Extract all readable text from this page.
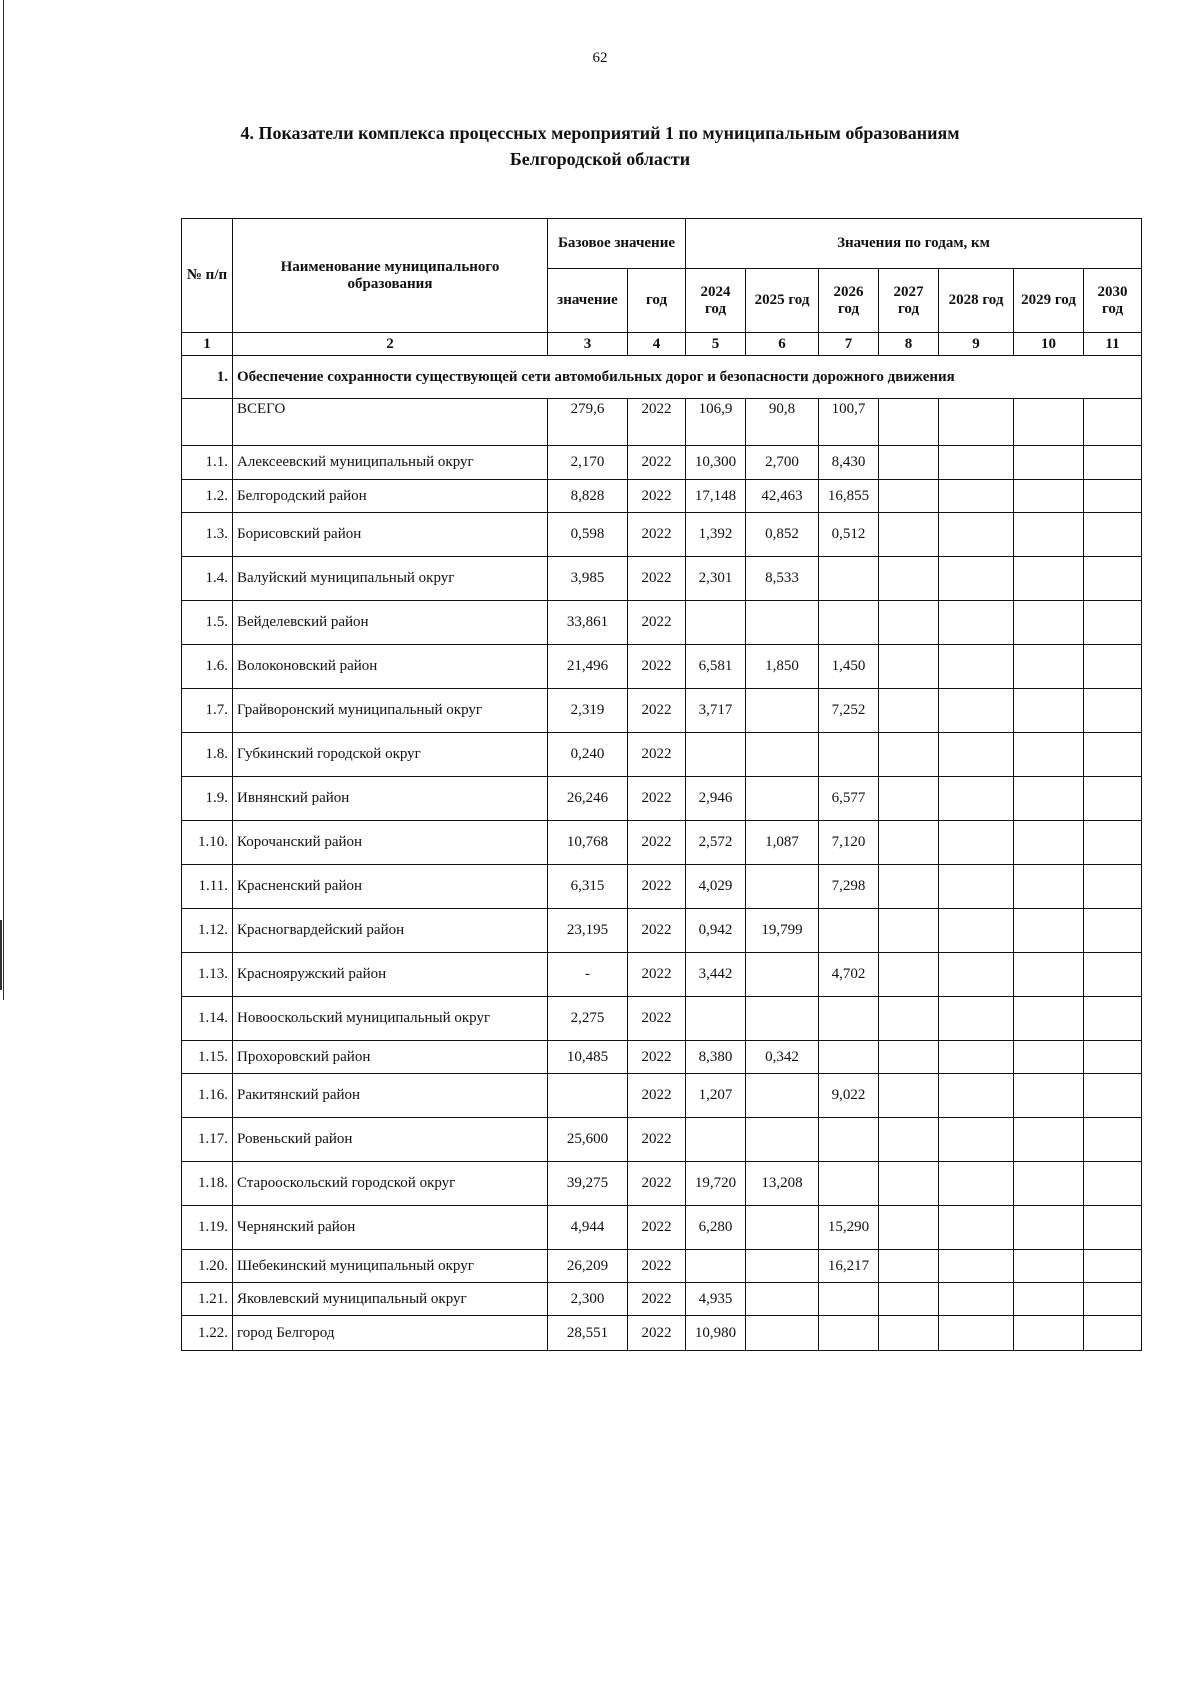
62
4. Показатели комплекса процессных мероприятий 1 по муниципальным образованиям
Белгородской области
№ п/п	Наименование муниципального образования	Базовое значение		Значения по годам, км						
		значение	год	2024 год	2025 год	2026 год	2027 год	2028 год	2029 год	2030 год
1	2	3	4	5	6	7	8	9	10	11
1.	Обеспечение сохранности существующей сети автомобильных дорог и безопасности дорожного движения									
	ВСЕГО	279,6	2022	106,9	90,8	100,7				
1.1.	Алексеевский муниципальный округ	2,170	2022	10,300	2,700	8,430				
1.2.	Белгородский район	8,828	2022	17,148	42,463	16,855				
1.3.	Борисовский район	0,598	2022	1,392	0,852	0,512				
1.4.	Валуйский муниципальный округ	3,985	2022	2,301	8,533					
1.5.	Вейделевский район	33,861	2022							
1.6.	Волоконовский район	21,496	2022	6,581	1,850	1,450				
1.7.	Грайворонский муниципальный округ	2,319	2022	3,717		7,252				
1.8.	Губкинский городской округ	0,240	2022							
1.9.	Ивнянский район	26,246	2022	2,946		6,577				
1.10.	Корочанский район	10,768	2022	2,572	1,087	7,120				
1.11.	Красненский район	6,315	2022	4,029		7,298				
1.12.	Красногвардейский район	23,195	2022	0,942	19,799					
1.13.	Краснояружский район	-	2022	3,442		4,702				
1.14.	Новооскольский муниципальный округ	2,275	2022							
1.15.	Прохоровский район	10,485	2022	8,380	0,342					
1.16.	Ракитянский район		2022	1,207		9,022				
1.17.	Ровеньский район	25,600	2022							
1.18.	Старооскольский городской округ	39,275	2022	19,720	13,208					
1.19.	Чернянский район	4,944	2022	6,280		15,290				
1.20.	Шебекинский муниципальный округ	26,209	2022			16,217				
1.21.	Яковлевский муниципальный округ	2,300	2022	4,935						
1.22.	город Белгород	28,551	2022	10,980						
